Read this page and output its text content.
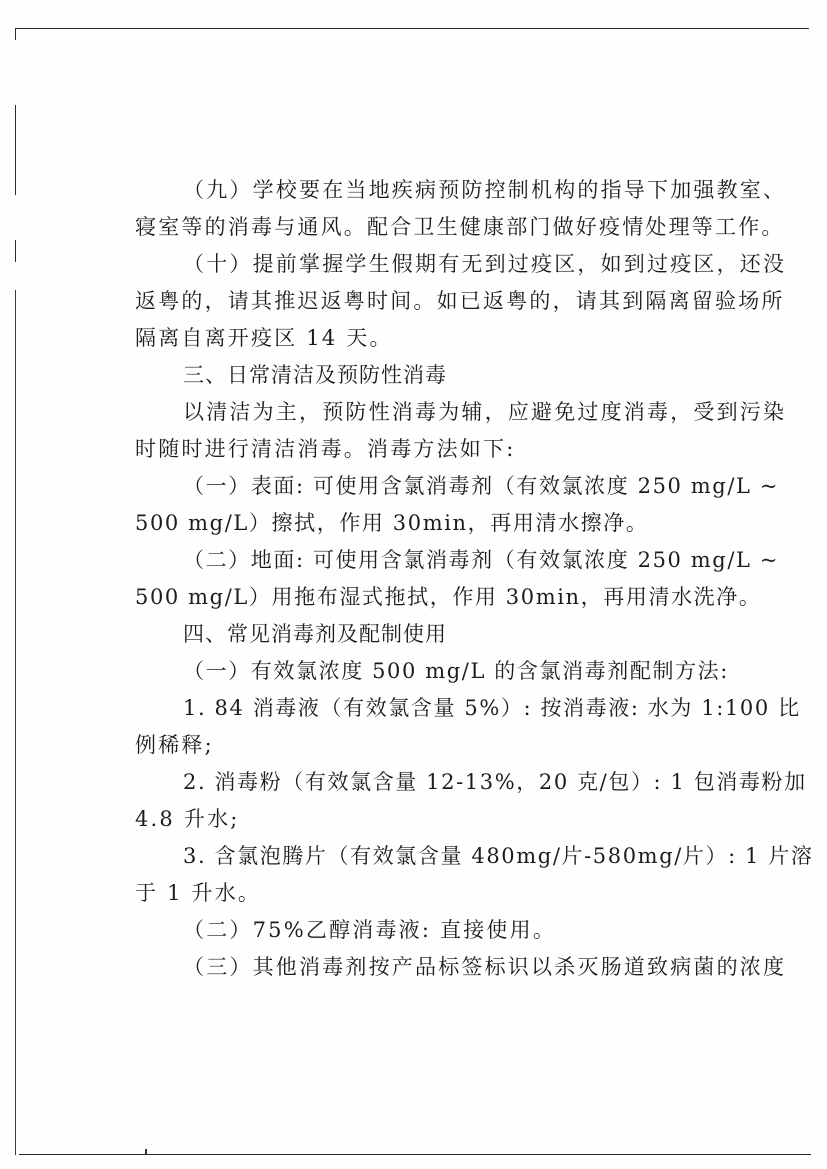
（九）学校要在当地疾病预防控制机构的指导下加强教室、
寝室等的消毒与通风。配合卫生健康部门做好疫情处理等工作。
（十）提前掌握学生假期有无到过疫区，如到过疫区，还没
返粤的，请其推迟返粤时间。如已返粤的，请其到隔离留验场所
隔离自离开疫区 14 天。
三、日常清洁及预防性消毒
以清洁为主，预防性消毒为辅，应避免过度消毒，受到污染
时随时进行清洁消毒。消毒方法如下:
（一）表面: 可使用含氯消毒剂（有效氯浓度 250 mg/L ~
500 mg/L）擦拭，作用 30min，再用清水擦净。
（二）地面: 可使用含氯消毒剂（有效氯浓度 250 mg/L ~
500 mg/L）用拖布湿式拖拭，作用 30min，再用清水洗净。
四、常见消毒剂及配制使用
（一）有效氯浓度 500 mg/L 的含氯消毒剂配制方法:
1. 84 消毒液（有效氯含量 5%）: 按消毒液: 水为 1:100 比
例稀释;
2. 消毒粉（有效氯含量 12-13%，20 克/包）: 1 包消毒粉加
4.8 升水;
3. 含氯泡腾片（有效氯含量 480mg/片-580mg/片）: 1 片溶
于 1 升水。
（二）75%乙醇消毒液: 直接使用。
（三）其他消毒剂按产品标签标识以杀灭肠道致病菌的浓度
